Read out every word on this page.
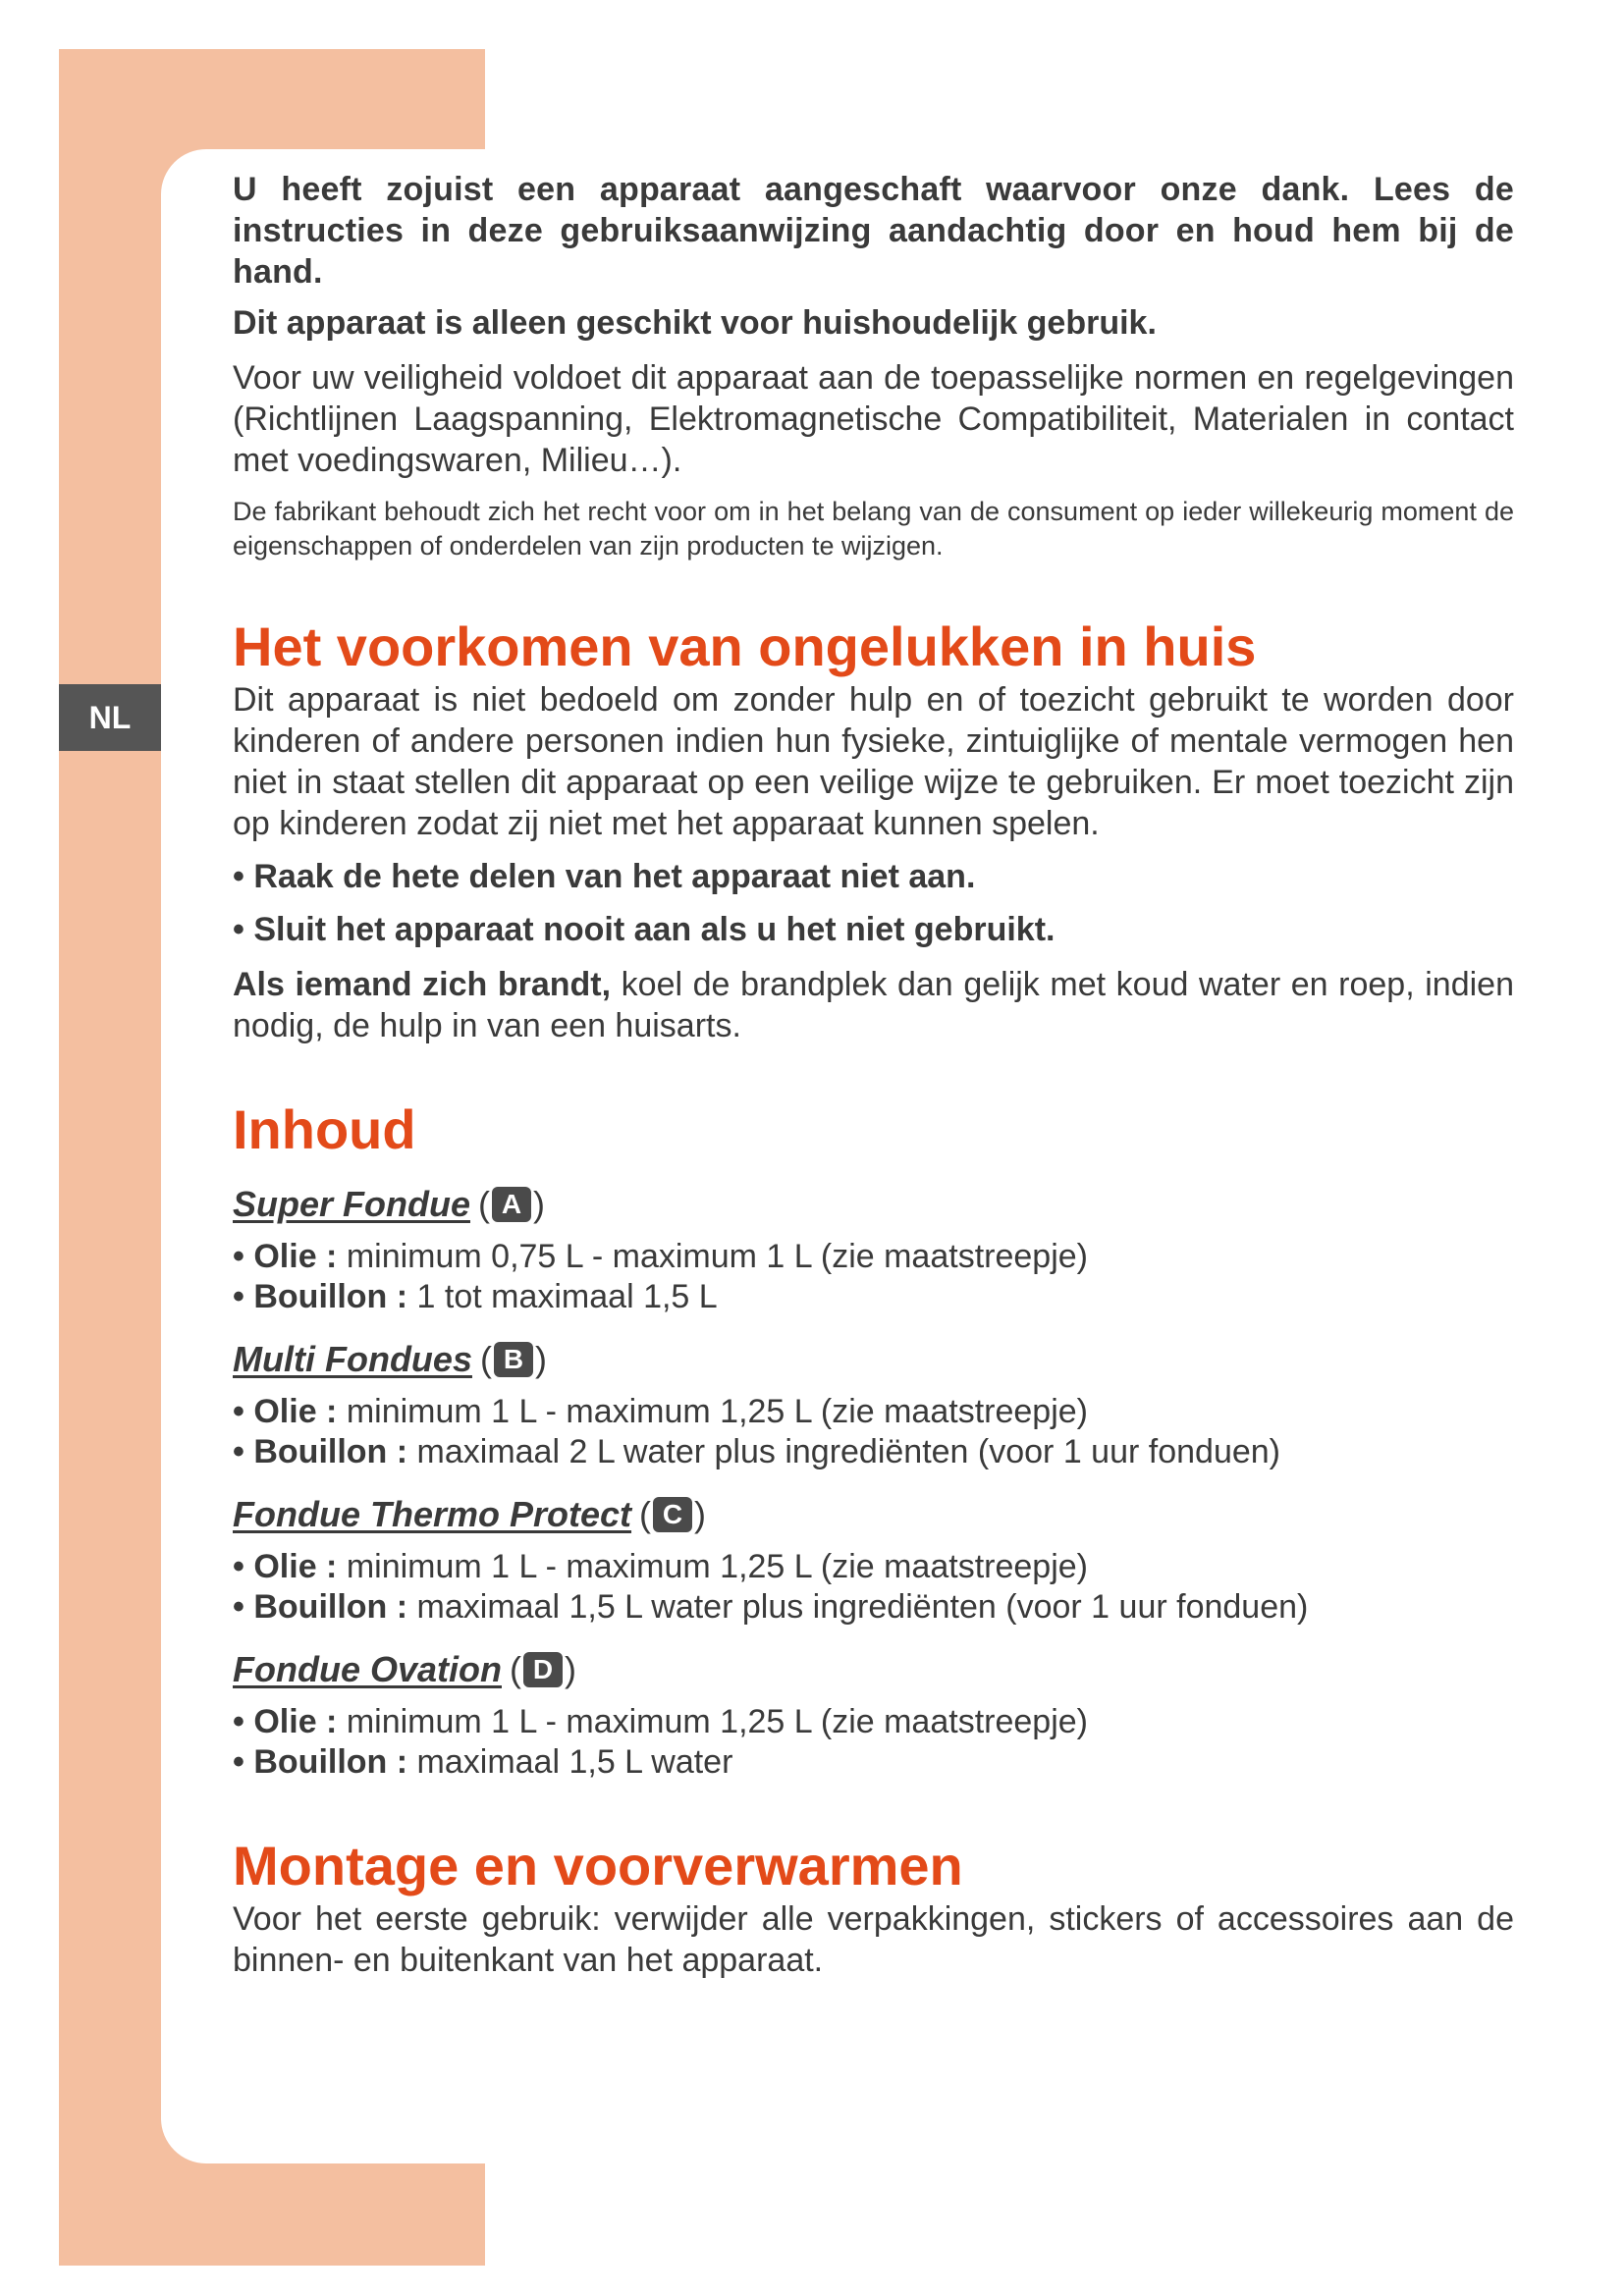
NL

U heeft zojuist een apparaat aangeschaft waarvoor onze dank. Lees de instructies in deze gebruiksaanwijzing aandachtig door en houd hem bij de hand.

Dit apparaat is alleen geschikt voor huishoudelijk gebruik.

Voor uw veiligheid voldoet dit apparaat aan de toepasselijke normen en regelgevingen (Richtlijnen Laagspanning, Elektromagnetische Compatibiliteit, Materialen in contact met voedingswaren, Milieu…).

De fabrikant behoudt zich het recht voor om in het belang van de consument op ieder willekeurig moment de eigenschappen of onderdelen van zijn producten te wijzigen.

Het voorkomen van ongelukken in huis

Dit apparaat is niet bedoeld om zonder hulp en of toezicht gebruikt te worden door kinderen of andere personen indien hun fysieke, zintuiglijke of mentale vermogen hen niet in staat stellen dit apparaat op een veilige wijze te gebruiken. Er moet toezicht zijn op kinderen zodat zij niet met het apparaat kunnen spelen.

• Raak de hete delen van het apparaat niet aan.

• Sluit het apparaat nooit aan als u het niet gebruikt.

Als iemand zich brandt, koel de brandplek dan gelijk met koud water en roep, indien nodig, de hulp in van een huisarts.

Inhoud

Super Fondue ( A )

• Olie : minimum 0,75 L - maximum 1 L (zie maatstreepje)

• Bouillon : 1 tot maximaal 1,5 L

Multi Fondues ( B )

• Olie : minimum 1 L - maximum 1,25 L (zie maatstreepje)

• Bouillon : maximaal 2 L water plus ingrediënten (voor 1 uur fonduen)

Fondue Thermo Protect ( C )

• Olie : minimum 1 L - maximum 1,25 L (zie maatstreepje)

• Bouillon : maximaal 1,5 L water plus ingrediënten (voor 1 uur fonduen)

Fondue Ovation ( D )

• Olie : minimum 1 L - maximum 1,25 L (zie maatstreepje)

• Bouillon : maximaal 1,5 L water

Montage en voorverwarmen

Voor het eerste gebruik: verwijder alle verpakkingen, stickers of accessoires aan de binnen- en buitenkant van het apparaat.
